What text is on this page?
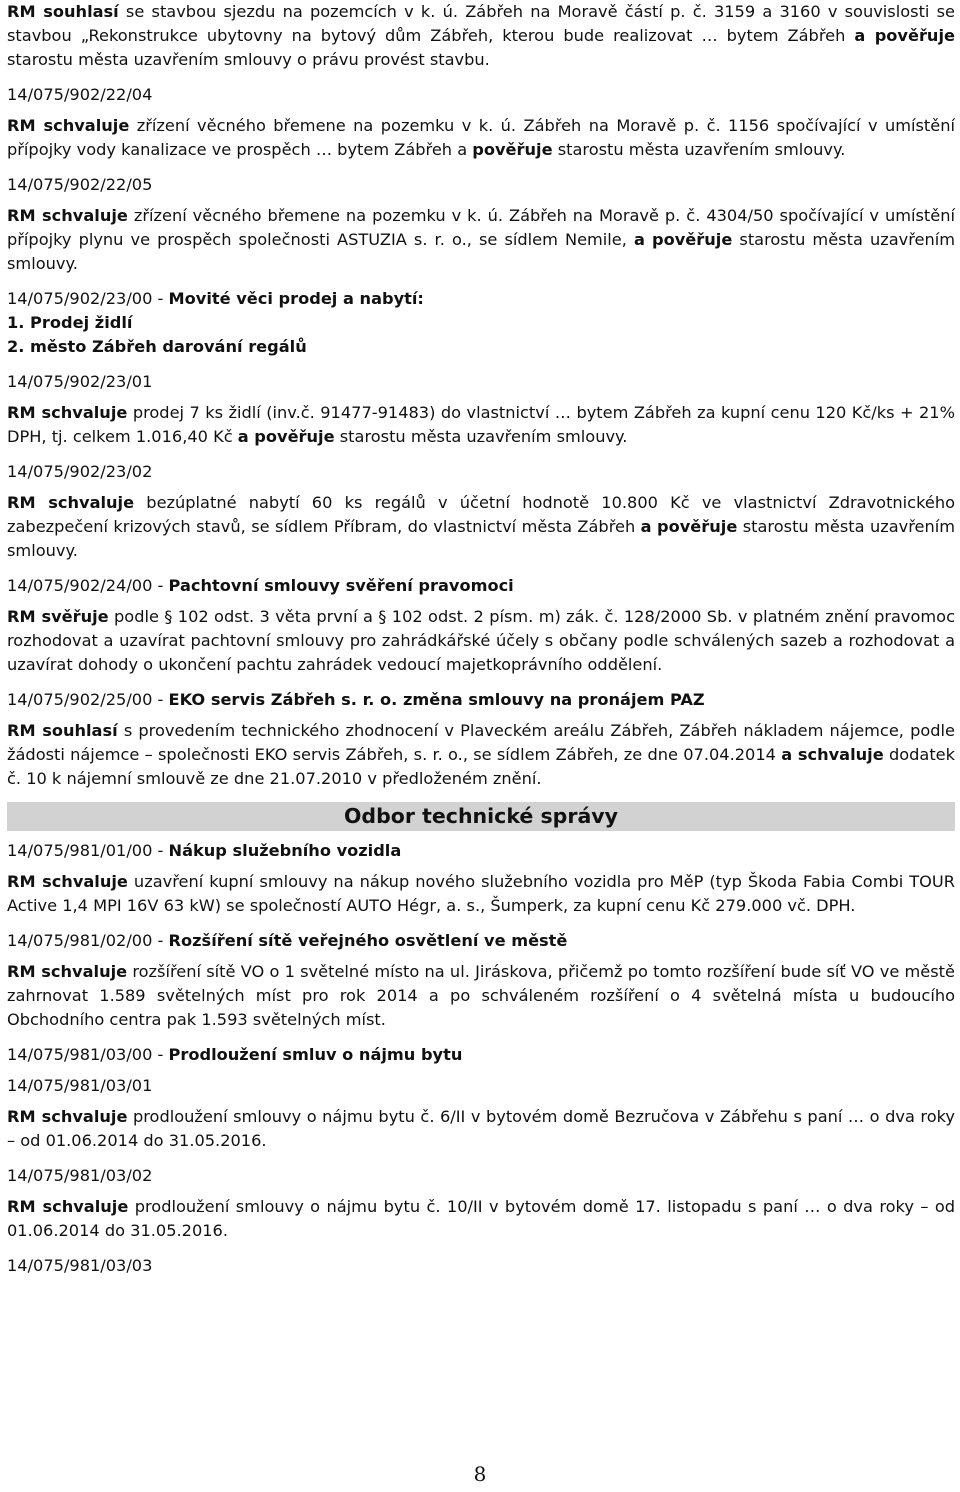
RM souhlasí se stavbou sjezdu na pozemcích v k. ú. Zábřeh na Moravě částí p. č. 3159 a 3160 v souvislosti se stavbou „Rekonstrukce ubytovny na bytový dům Zábřeh, kterou bude realizovat … bytem Zábřeh a pověřuje starostu města uzavřením smlouvy o právu provést stavbu.

14/075/902/22/04

RM schvaluje zřízení věcného břemene na pozemku v k. ú. Zábřeh na Moravě p. č. 1156 spočívající v umístění přípojky vody kanalizace ve prospěch … bytem Zábřeh a pověřuje starostu města uzavřením smlouvy.

14/075/902/22/05

RM schvaluje zřízení věcného břemene na pozemku v k. ú. Zábřeh na Moravě p. č. 4304/50 spočívající v umístění přípojky plynu ve prospěch společnosti ASTUZIA s. r. o., se sídlem Nemile, a pověřuje starostu města uzavřením smlouvy.

14/075/902/23/00 - Movité věci prodej a nabytí:
1. Prodej židlí
2. město Zábřeh darování regálů
14/075/902/23/01

RM schvaluje prodej 7 ks židlí (inv.č. 91477-91483) do vlastnictví … bytem Zábřeh za kupní cenu 120 Kč/ks + 21% DPH, tj. celkem 1.016,40 Kč a pověřuje starostu města uzavřením smlouvy.

14/075/902/23/02

RM schvaluje bezúplatné nabytí 60 ks regálů v účetní hodnotě 10.800 Kč ve vlastnictví Zdravotnického zabezpečení krizových stavů, se sídlem Příbram, do vlastnictví města Zábřeh a pověřuje starostu města uzavřením smlouvy.

14/075/902/24/00 - Pachtovní smlouvy svěření pravomoci

RM svěřuje podle § 102 odst. 3 věta první a § 102 odst. 2 písm. m) zák. č. 128/2000 Sb. v platném znění pravomoc rozhodovat a uzavírat pachtovní smlouvy pro zahrádkářské účely s občany podle schválených sazeb a rozhodovat a uzavírat dohody o ukončení pachtu zahrádek vedoucí majetkoprávního oddělení.

14/075/902/25/00 - EKO servis Zábřeh s. r. o. změna smlouvy na pronájem PAZ

RM souhlasí s provedením technického zhodnocení v Plaveckém areálu Zábřeh, Zábřeh nákladem nájemce, podle žádosti nájemce – společnosti EKO servis Zábřeh, s. r. o., se sídlem Zábřeh, ze dne 07.04.2014 a schvaluje dodatek č. 10 k nájemní smlouvě ze dne 21.07.2010 v předloženém znění.

Odbor technické správy
14/075/981/01/00 - Nákup služebního vozidla

RM schvaluje uzavření kupní smlouvy na nákup nového služebního vozidla pro MěP (typ Škoda Fabia Combi TOUR Active 1,4 MPI 16V 63 kW) se společností AUTO Hégr, a. s., Šumperk, za kupní cenu Kč 279.000 vč. DPH.

14/075/981/02/00 - Rozšíření sítě veřejného osvětlení ve městě

RM schvaluje rozšíření sítě VO o 1 světelné místo na ul. Jiráskova, přičemž po tomto rozšíření bude síť VO ve městě zahrnovat 1.589 světelných míst pro rok 2014 a po schváleném rozšíření o 4 světelná místa u budoucího Obchodního centra pak 1.593 světelných míst.

14/075/981/03/00 - Prodloužení smluv o nájmu bytu
14/075/981/03/01

RM schvaluje prodloužení smlouvy o nájmu bytu č. 6/II v bytovém domě Bezručova v Zábřehu s paní … o dva roky – od 01.06.2014 do 31.05.2016.

14/075/981/03/02

RM schvaluje prodloužení smlouvy o nájmu bytu č. 10/II v bytovém domě 17. listopadu s paní … o dva roky – od 01.06.2014 do 31.05.2016.

14/075/981/03/03
8
